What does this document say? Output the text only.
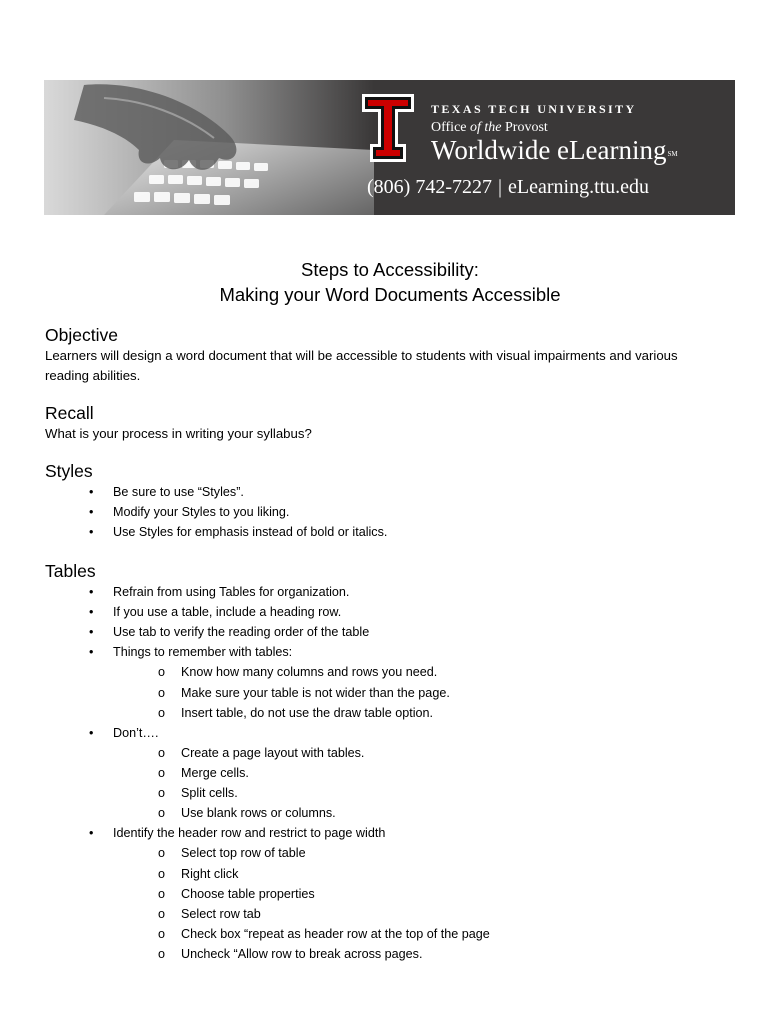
TEXAS TECH UNIVERSITY
Office of the Provost
Worldwide eLearning℠
(806) 742-7227 | eLearning.ttu.edu
Steps to Accessibility:
Making your Word Documents Accessible
Objective

Learners will design a word document that will be accessible to students with visual impairments and various
reading abilities.

Recall

What is your process in writing your syllabus?

Styles
• Be sure to use “Styles”.
• Modify your Styles to you liking.
• Use Styles for emphasis instead of bold or italics.
Tables
• Refrain from using Tables for organization.
• If you use a table, include a heading row.
• Use tab to verify the reading order of the table
• Things to remember with tables:
o Know how many columns and rows you need.
o Make sure your table is not wider than the page.
o Insert table, do not use the draw table option.
• Don’t….
o Create a page layout with tables.
o Merge cells.
o Split cells.
o Use blank rows or columns.
• Identify the header row and restrict to page width
o Select top row of table
o Right click
o Choose table properties
o Select row tab
o Check box “repeat as header row at the top of the page
o Uncheck “Allow row to break across pages.
